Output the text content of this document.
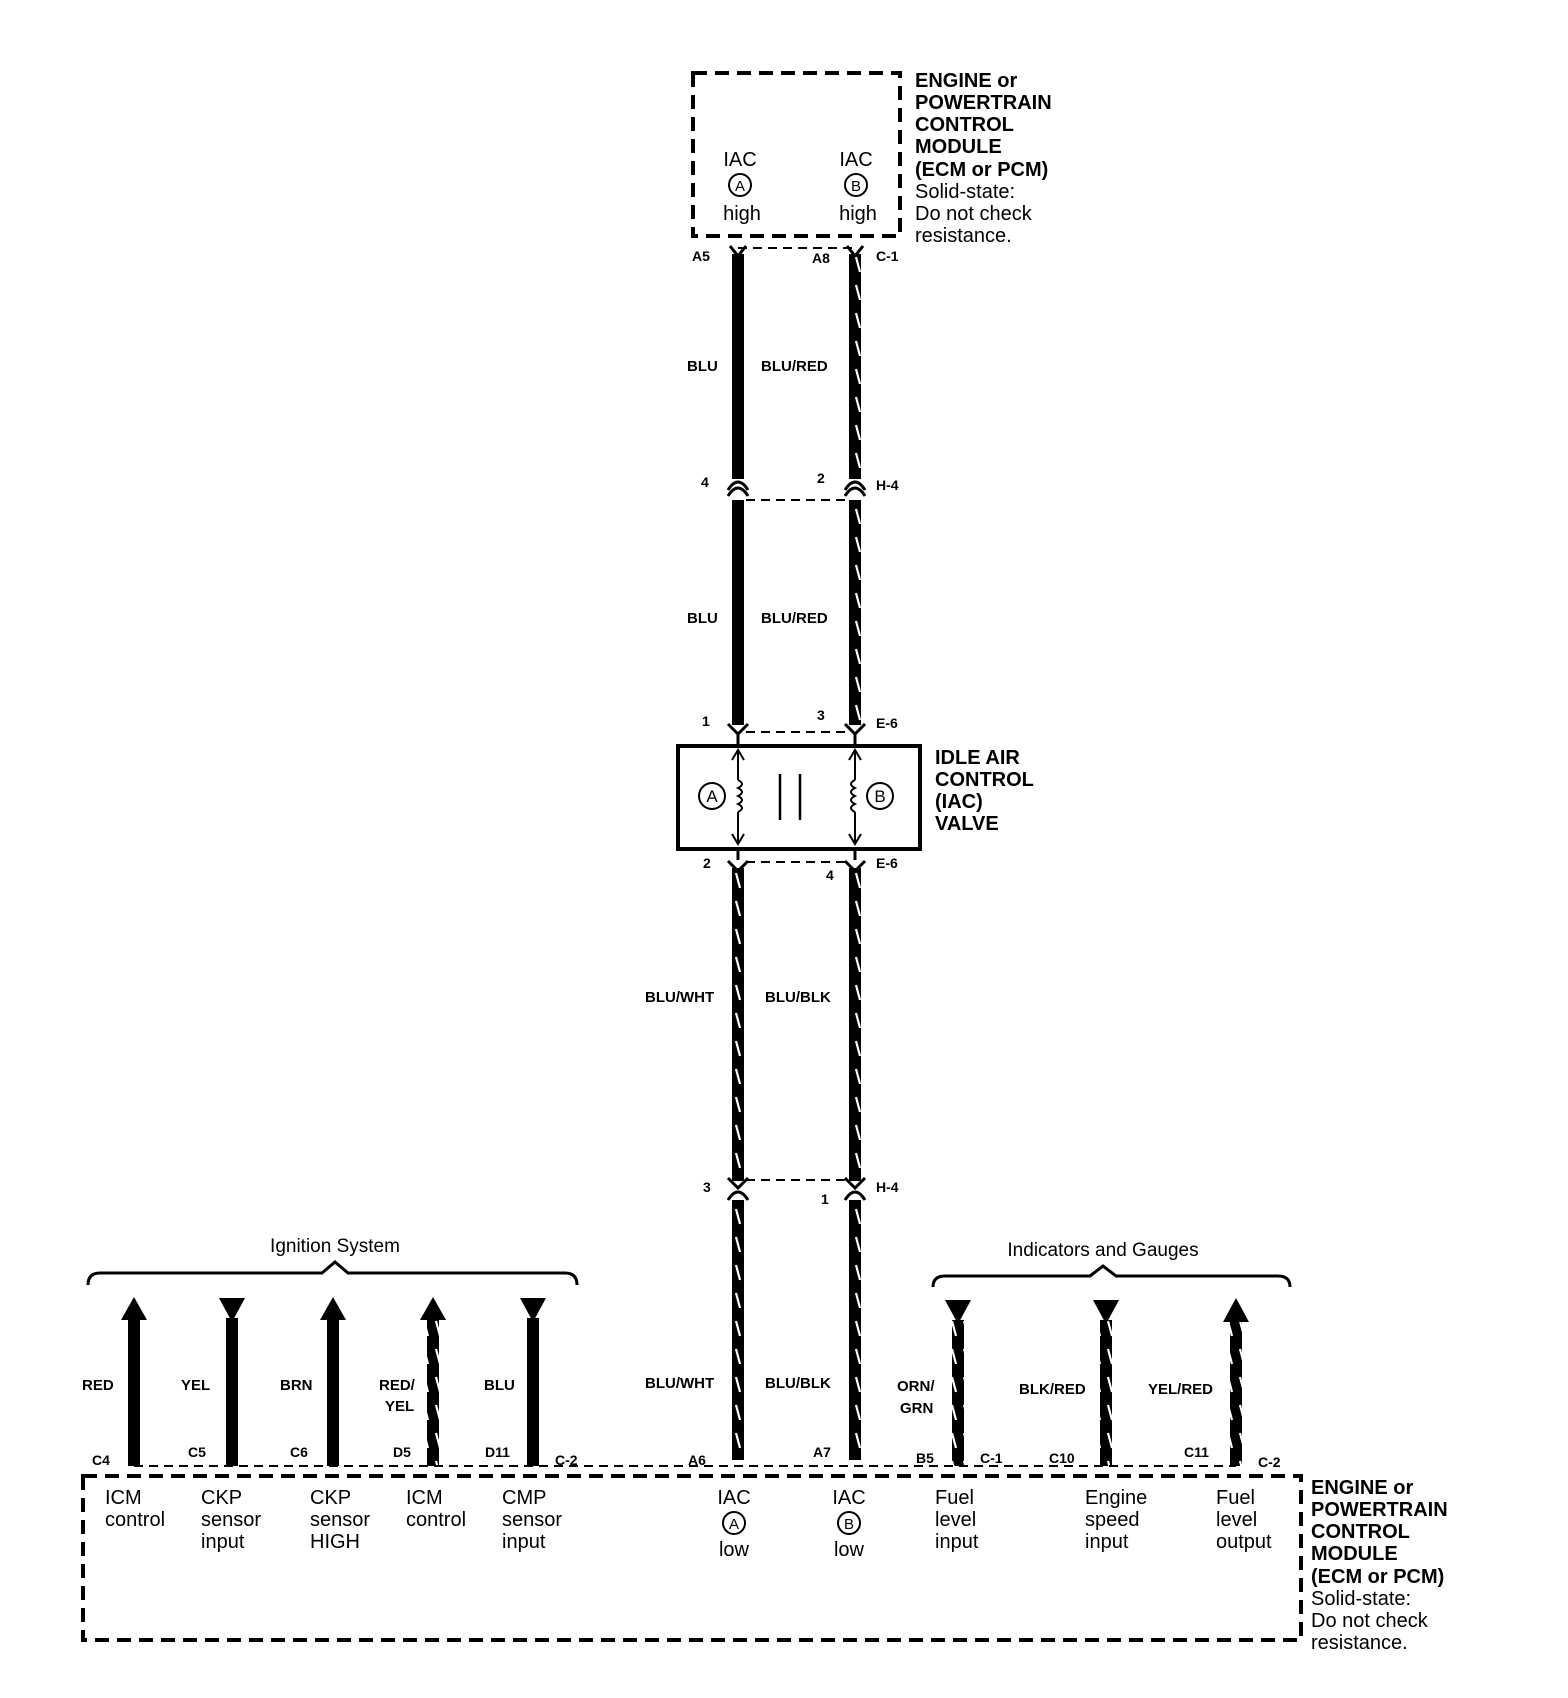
IAC
A
high
IAC
B
high
ENGINE or
POWERTRAIN
CONTROL
MODULE
(ECM or PCM)
Solid-state:
Do not check
resistance.
A5	A8	C-1
BLU	BLU/RED
4	2	H-4
BLU	BLU/RED
1	3	E-6
A	B
IDLE AIR
CONTROL
(IAC)
VALVE
2
4
E-6
BLU/WHT	BLU/BLK
3
1
H-4
BLU/WHT	BLU/BLK
Ignition System
RED
C4
YEL
C5
BRN
C6
RED/
YEL
D5
BLU
D11	C-2
Indicators and Gauges
ORN/
GRN
B5	C-1
BLK/RED
C10
YEL/RED
C11
C-2
A6	A7
ICM
control
CKP
sensor
input
CKP
sensor
HIGH
ICM
control
CMP
sensor
input
IAC
A
low
IAC
B
low
Fuel
level
input
Engine
speed
input
Fuel
level
output
ENGINE or
POWERTRAIN
CONTROL
MODULE
(ECM or PCM)
Solid-state:
Do not check
resistance.
